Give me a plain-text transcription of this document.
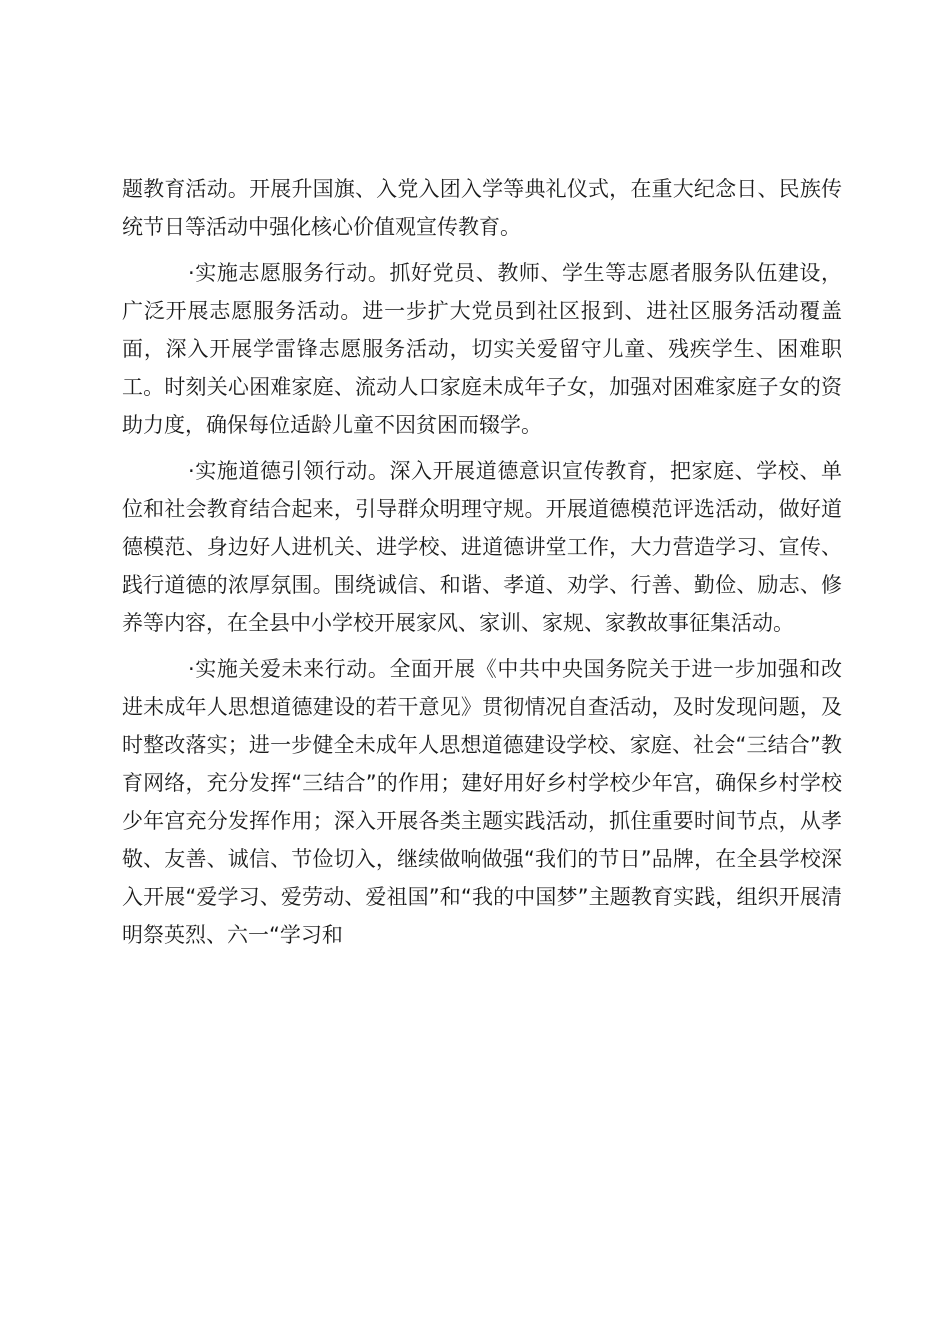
题教育活动。开展升国旗、入党入团入学等典礼仪式，在重大纪念日、民族传统节日等活动中强化核心价值观宣传教育。

·实施志愿服务行动。抓好党员、教师、学生等志愿者服务队伍建设，广泛开展志愿服务活动。进一步扩大党员到社区报到、进社区服务活动覆盖面，深入开展学雷锋志愿服务活动，切实关爱留守儿童、残疾学生、困难职工。时刻关心困难家庭、流动人口家庭未成年子女，加强对困难家庭子女的资助力度，确保每位适龄儿童不因贫困而辍学。

·实施道德引领行动。深入开展道德意识宣传教育，把家庭、学校、单位和社会教育结合起来，引导群众明理守规。开展道德模范评选活动，做好道德模范、身边好人进机关、进学校、进道德讲堂工作，大力营造学习、宣传、践行道德的浓厚氛围。围绕诚信、和谐、孝道、劝学、行善、勤俭、励志、修养等内容，在全县中小学校开展家风、家训、家规、家教故事征集活动。

·实施关爱未来行动。全面开展《中共中央国务院关于进一步加强和改进未成年人思想道德建设的若干意见》贯彻情况自查活动，及时发现问题，及时整改落实；进一步健全未成年人思想道德建设学校、家庭、社会“三结合”教育网络，充分发挥“三结合”的作用；建好用好乡村学校少年宫，确保乡村学校少年宫充分发挥作用；深入开展各类主题实践活动，抓住重要时间节点，从孝敬、友善、诚信、节俭切入，继续做响做强“我们的节日”品牌，在全县学校深入开展“爱学习、爱劳动、爱祖国”和“我的中国梦”主题教育实践，组织开展清明祭英烈、六一“学习和
